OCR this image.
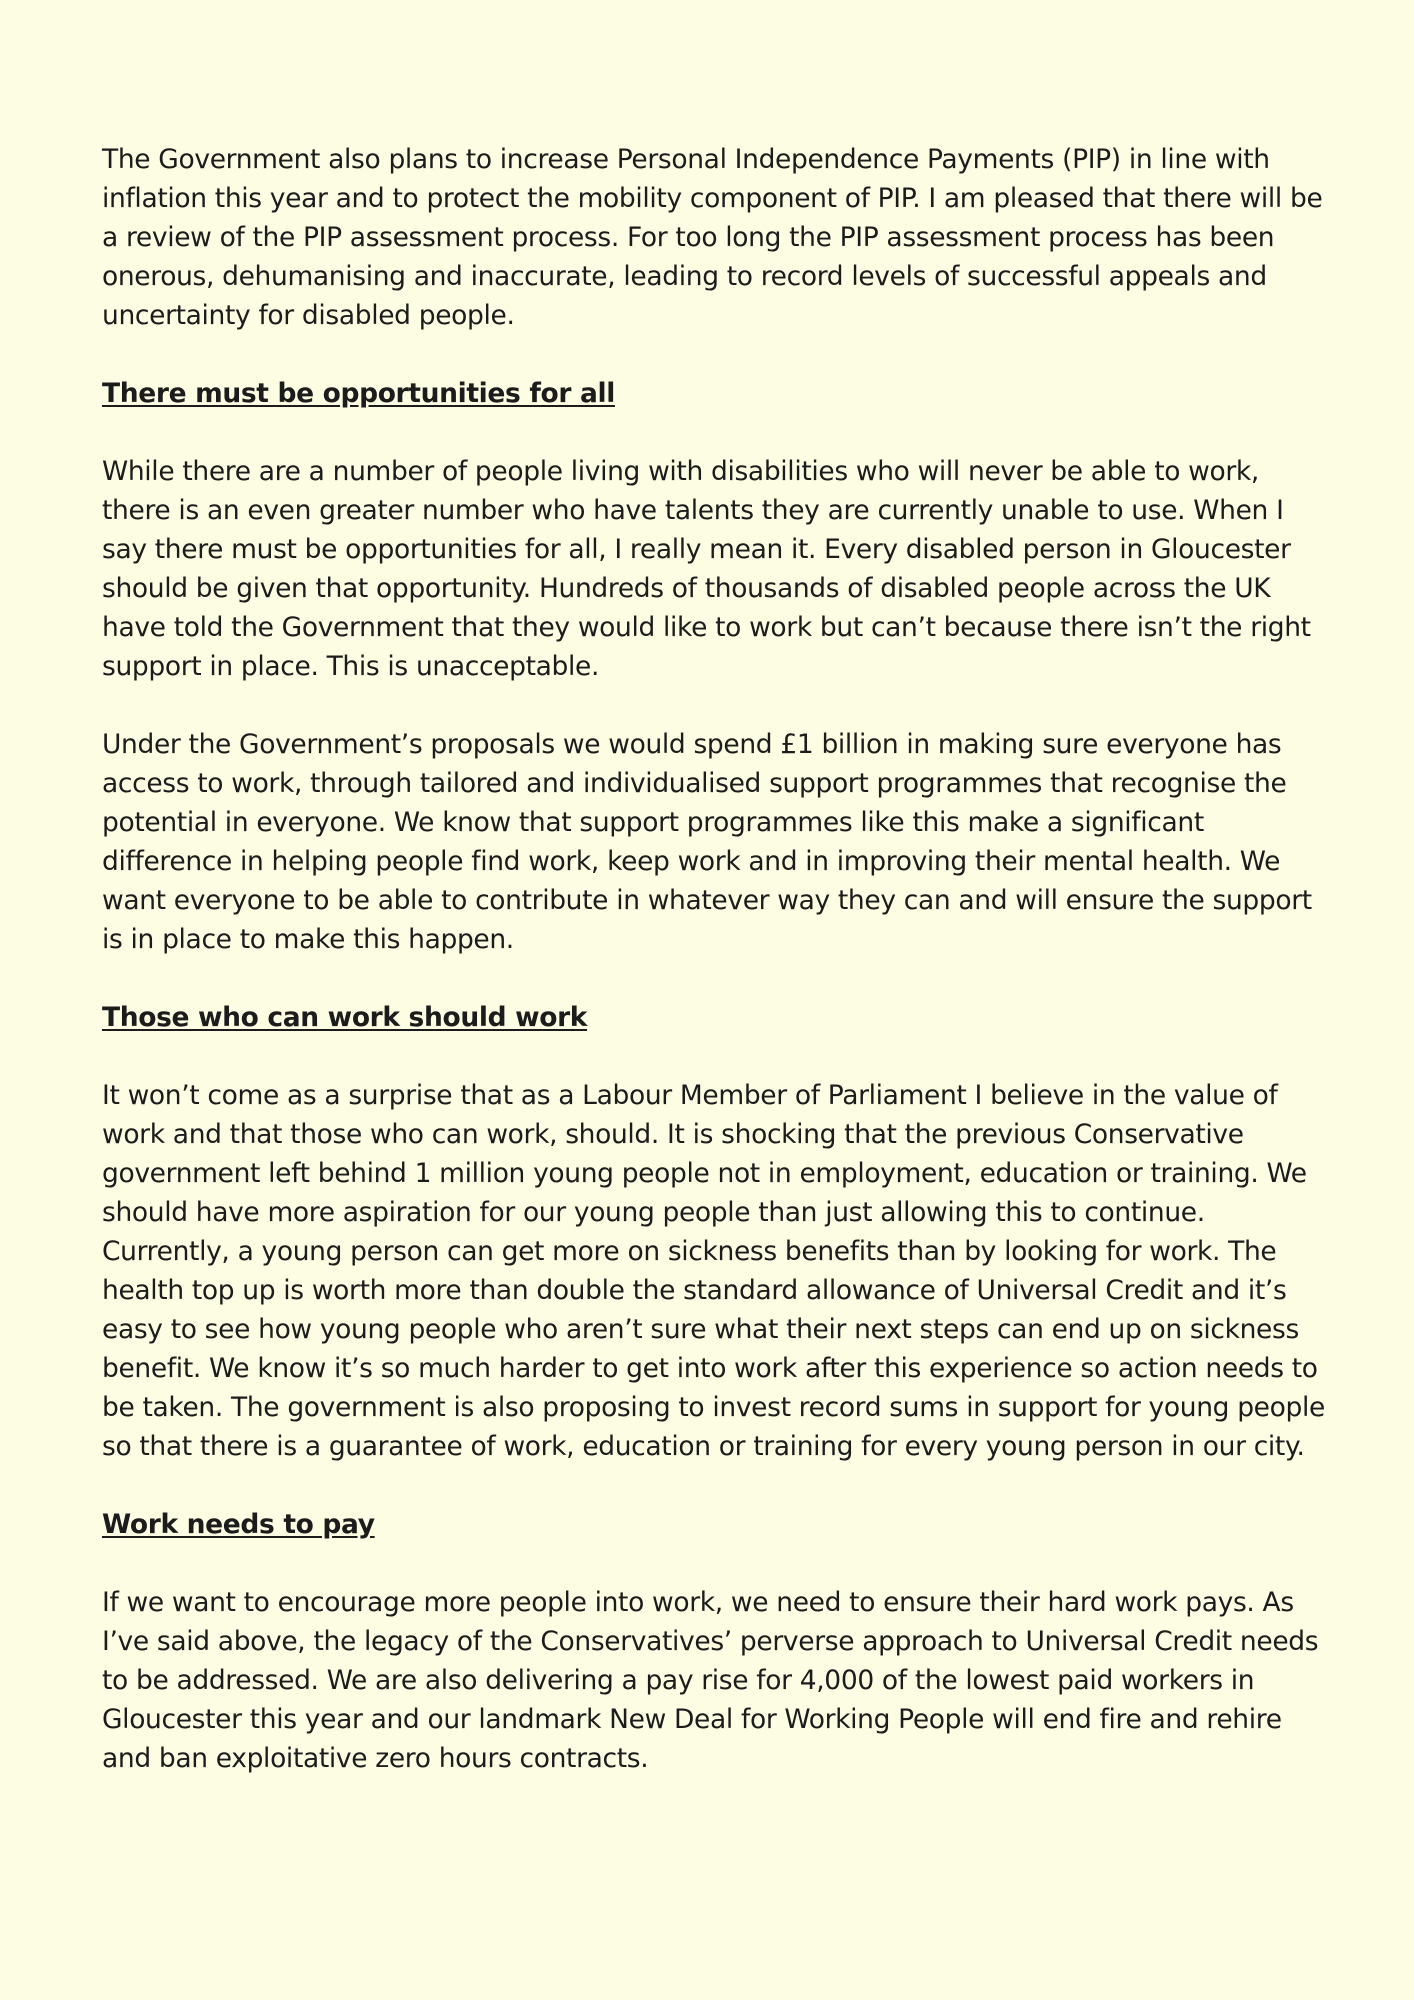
The Government also plans to increase Personal Independence Payments (PIP) in line with inflation this year and to protect the mobility component of PIP. I am pleased that there will be a review of the PIP assessment process. For too long the PIP assessment process has been onerous, dehumanising and inaccurate, leading to record levels of successful appeals and uncertainty for disabled people.

There must be opportunities for all

While there are a number of people living with disabilities who will never be able to work, there is an even greater number who have talents they are currently unable to use. When I say there must be opportunities for all, I really mean it. Every disabled person in Gloucester should be given that opportunity. Hundreds of thousands of disabled people across the UK have told the Government that they would like to work but can’t because there isn’t the right support in place. This is unacceptable.

Under the Government’s proposals we would spend £1 billion in making sure everyone has access to work, through tailored and individualised support programmes that recognise the potential in everyone. We know that support programmes like this make a significant difference in helping people find work, keep work and in improving their mental health. We want everyone to be able to contribute in whatever way they can and will ensure the support is in place to make this happen.

Those who can work should work

It won’t come as a surprise that as a Labour Member of Parliament I believe in the value of work and that those who can work, should. It is shocking that the previous Conservative government left behind 1 million young people not in employment, education or training. We should have more aspiration for our young people than just allowing this to continue. Currently, a young person can get more on sickness benefits than by looking for work. The health top up is worth more than double the standard allowance of Universal Credit and it’s easy to see how young people who aren’t sure what their next steps can end up on sickness benefit. We know it’s so much harder to get into work after this experience so action needs to be taken. The government is also proposing to invest record sums in support for young people so that there is a guarantee of work, education or training for every young person in our city.

Work needs to pay

If we want to encourage more people into work, we need to ensure their hard work pays. As I’ve said above, the legacy of the Conservatives’ perverse approach to Universal Credit needs to be addressed. We are also delivering a pay rise for 4,000 of the lowest paid workers in Gloucester this year and our landmark New Deal for Working People will end fire and rehire and ban exploitative zero hours contracts.
